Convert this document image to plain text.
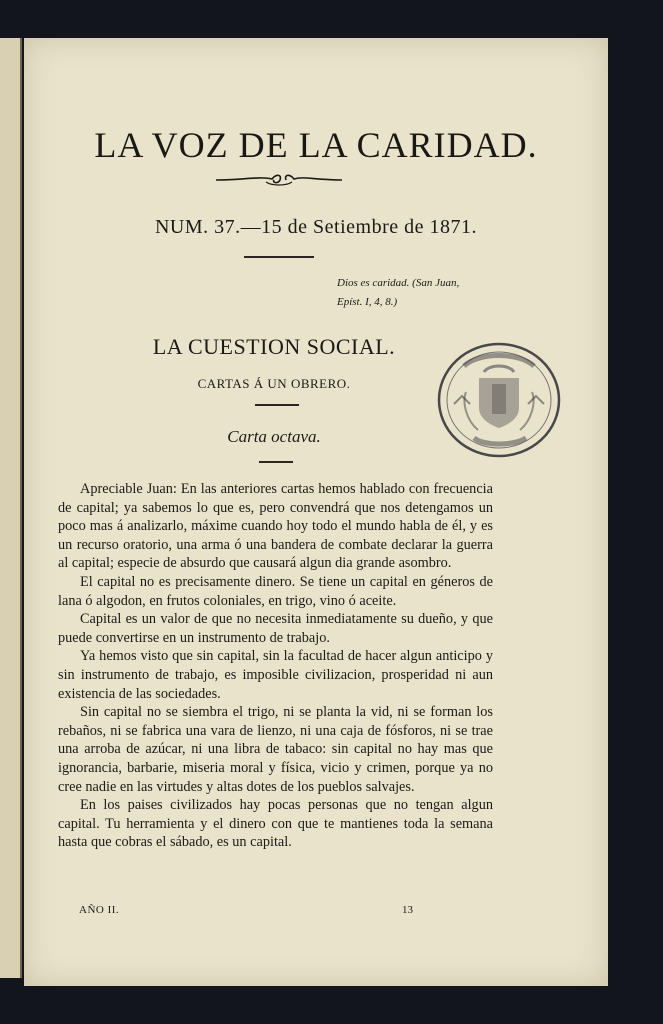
LA VOZ DE LA CARIDAD.
NUM. 37.—15 de Setiembre de 1871.
Dios es caridad. (San Juan,
Epíst. I, 4, 8.)
LA CUESTION SOCIAL.
CARTAS Á UN OBRERO.
Carta octava.

Apreciable Juan: En las anteriores cartas hemos hablado con frecuencia de capital; ya sabemos lo que es, pero convendrá que nos detengamos un poco mas á analizarlo, máxime cuando hoy todo el mundo habla de él, y es un recurso oratorio, una arma ó una bandera de combate declarar la guerra al capital; especie de absurdo que causará algun dia grande asombro.

El capital no es precisamente dinero. Se tiene un capital en géneros de lana ó algodon, en frutos coloniales, en trigo, vino ó aceite.

Capital es un valor de que no necesita inmediatamente su dueño, y que puede convertirse en un instrumento de trabajo.

Ya hemos visto que sin capital, sin la facultad de hacer algun anticipo y sin instrumento de trabajo, es imposible civilizacion, prosperidad ni aun existencia de las sociedades.

Sin capital no se siembra el trigo, ni se planta la vid, ni se forman los rebaños, ni se fabrica una vara de lienzo, ni una caja de fósforos, ni se trae una arroba de azúcar, ni una libra de tabaco: sin capital no hay mas que ignorancia, barbarie, miseria moral y física, vicio y crimen, porque ya no cree nadie en las virtudes y altas dotes de los pueblos salvajes.

En los paises civilizados hay pocas personas que no tengan algun capital. Tu herramienta y el dinero con que te mantienes toda la semana hasta que cobras el sábado, es un capital.

AÑO II.	13
